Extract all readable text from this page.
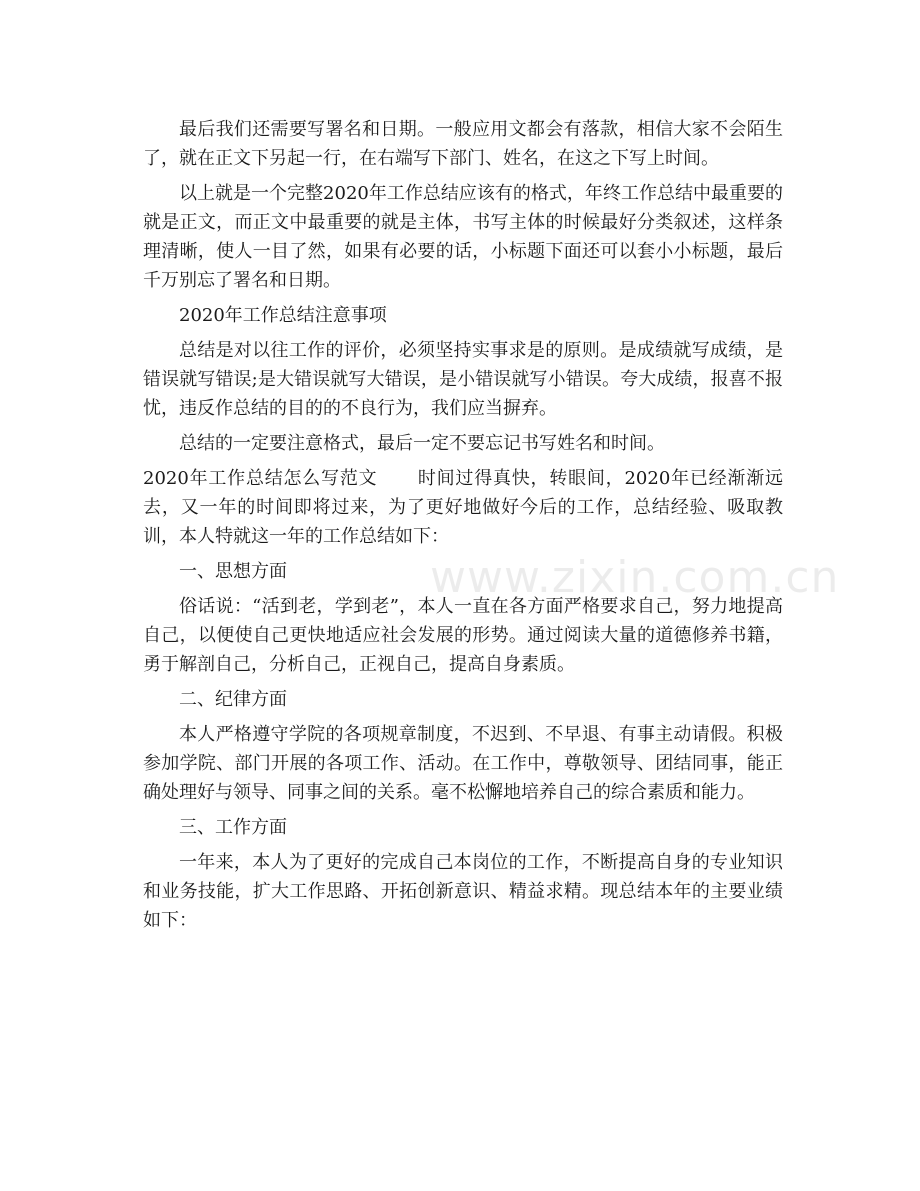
最后我们还需要写署名和日期。一般应用文都会有落款，相信大家不会陌生了，就在正文下另起一行，在右端写下部门、姓名，在这之下写上时间。

以上就是一个完整2020年工作总结应该有的格式，年终工作总结中最重要的就是正文，而正文中最重要的就是主体，书写主体的时候最好分类叙述，这样条理清晰，使人一目了然，如果有必要的话，小标题下面还可以套小小标题，最后千万别忘了署名和日期。

2020年工作总结注意事项

总结是对以往工作的评价，必须坚持实事求是的原则。是成绩就写成绩，是错误就写错误;是大错误就写大错误，是小错误就写小错误。夸大成绩，报喜不报忧，违反作总结的目的的不良行为，我们应当摒弃。

总结的一定要注意格式，最后一定不要忘记书写姓名和时间。

2020年工作总结怎么写范文 时间过得真快，转眼间，2020年已经渐渐远去，又一年的时间即将过来，为了更好地做好今后的工作，总结经验、吸取教训，本人特就这一年的工作总结如下：

一、思想方面

俗话说：“活到老，学到老”，本人一直在各方面严格要求自己，努力地提高自己，以便使自己更快地适应社会发展的形势。通过阅读大量的道德修养书籍，勇于解剖自己，分析自己，正视自己，提高自身素质。

二、纪律方面

本人严格遵守学院的各项规章制度，不迟到、不早退、有事主动请假。积极参加学院、部门开展的各项工作、活动。在工作中，尊敬领导、团结同事，能正确处理好与领导、同事之间的关系。毫不松懈地培养自己的综合素质和能力。

三、工作方面

一年来，本人为了更好的完成自己本岗位的工作，不断提高自身的专业知识和业务技能，扩大工作思路、开拓创新意识、精益求精。现总结本年的主要业绩如下：

www.zixin.com.cn
